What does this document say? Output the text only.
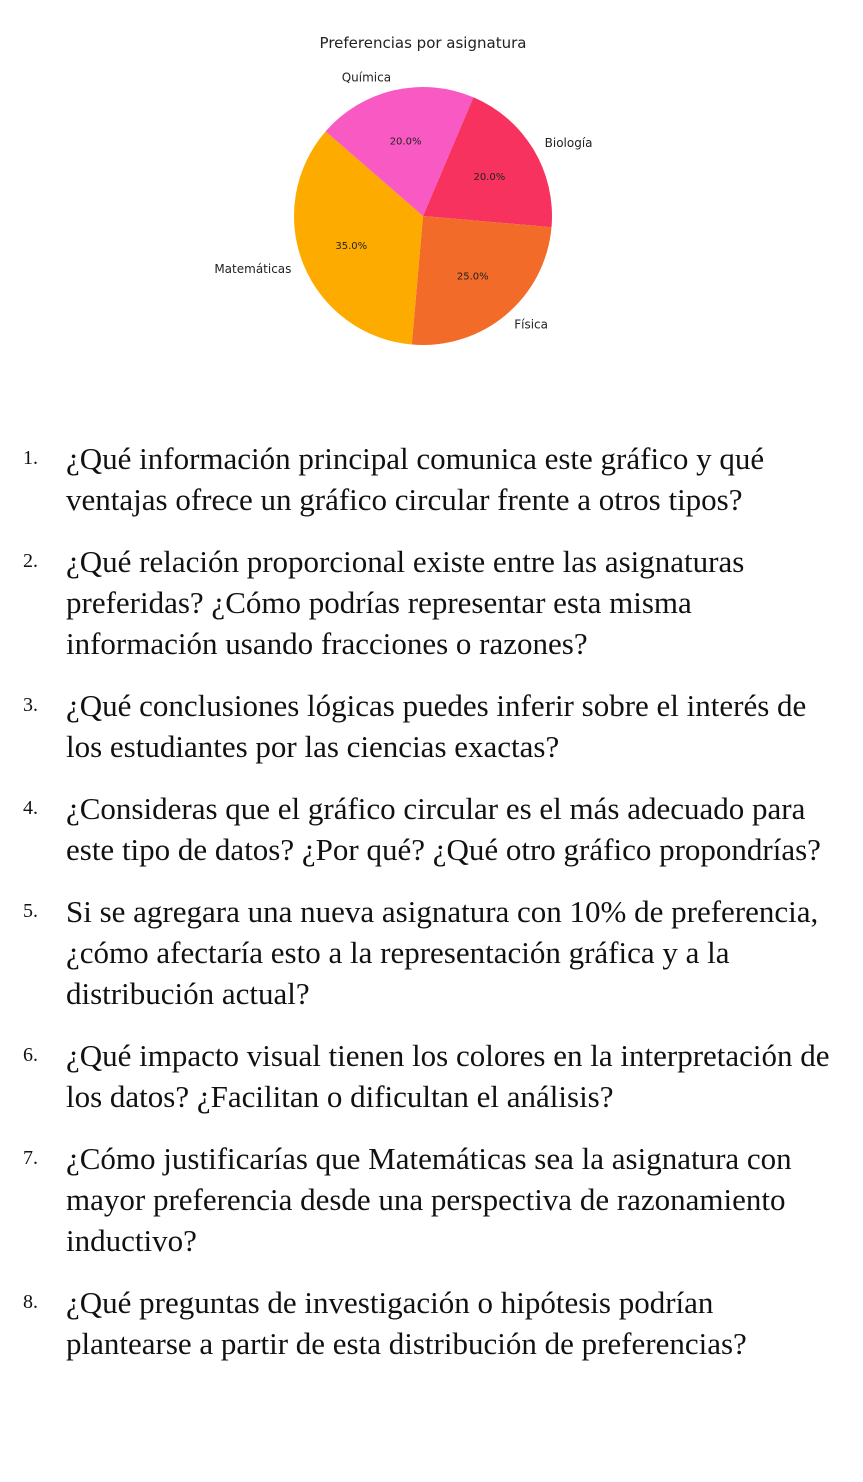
Preferencias por asignatura
20.0%
Biología
25.0%
Física
35.0%
Matemáticas
20.0%
Química
1. ¿Qué información principal comunica este gráfico y qué ventajas ofrece un gráfico circular frente a otros tipos?
2. ¿Qué relación proporcional existe entre las asignaturas preferidas? ¿Cómo podrías representar esta misma información usando fracciones o razones?
3. ¿Qué conclusiones lógicas puedes inferir sobre el interés de los estudiantes por las ciencias exactas?
4. ¿Consideras que el gráfico circular es el más adecuado para este tipo de datos? ¿Por qué? ¿Qué otro gráfico propondrías?
5. Si se agregara una nueva asignatura con 10% de preferencia, ¿cómo afectaría esto a la representación gráfica y a la distribución actual?
6. ¿Qué impacto visual tienen los colores en la interpretación de los datos? ¿Facilitan o dificultan el análisis?
7. ¿Cómo justificarías que Matemáticas sea la asignatura con mayor preferencia desde una perspectiva de razonamiento inductivo?
8. ¿Qué preguntas de investigación o hipótesis podrían plantearse a partir de esta distribución de preferencias?
